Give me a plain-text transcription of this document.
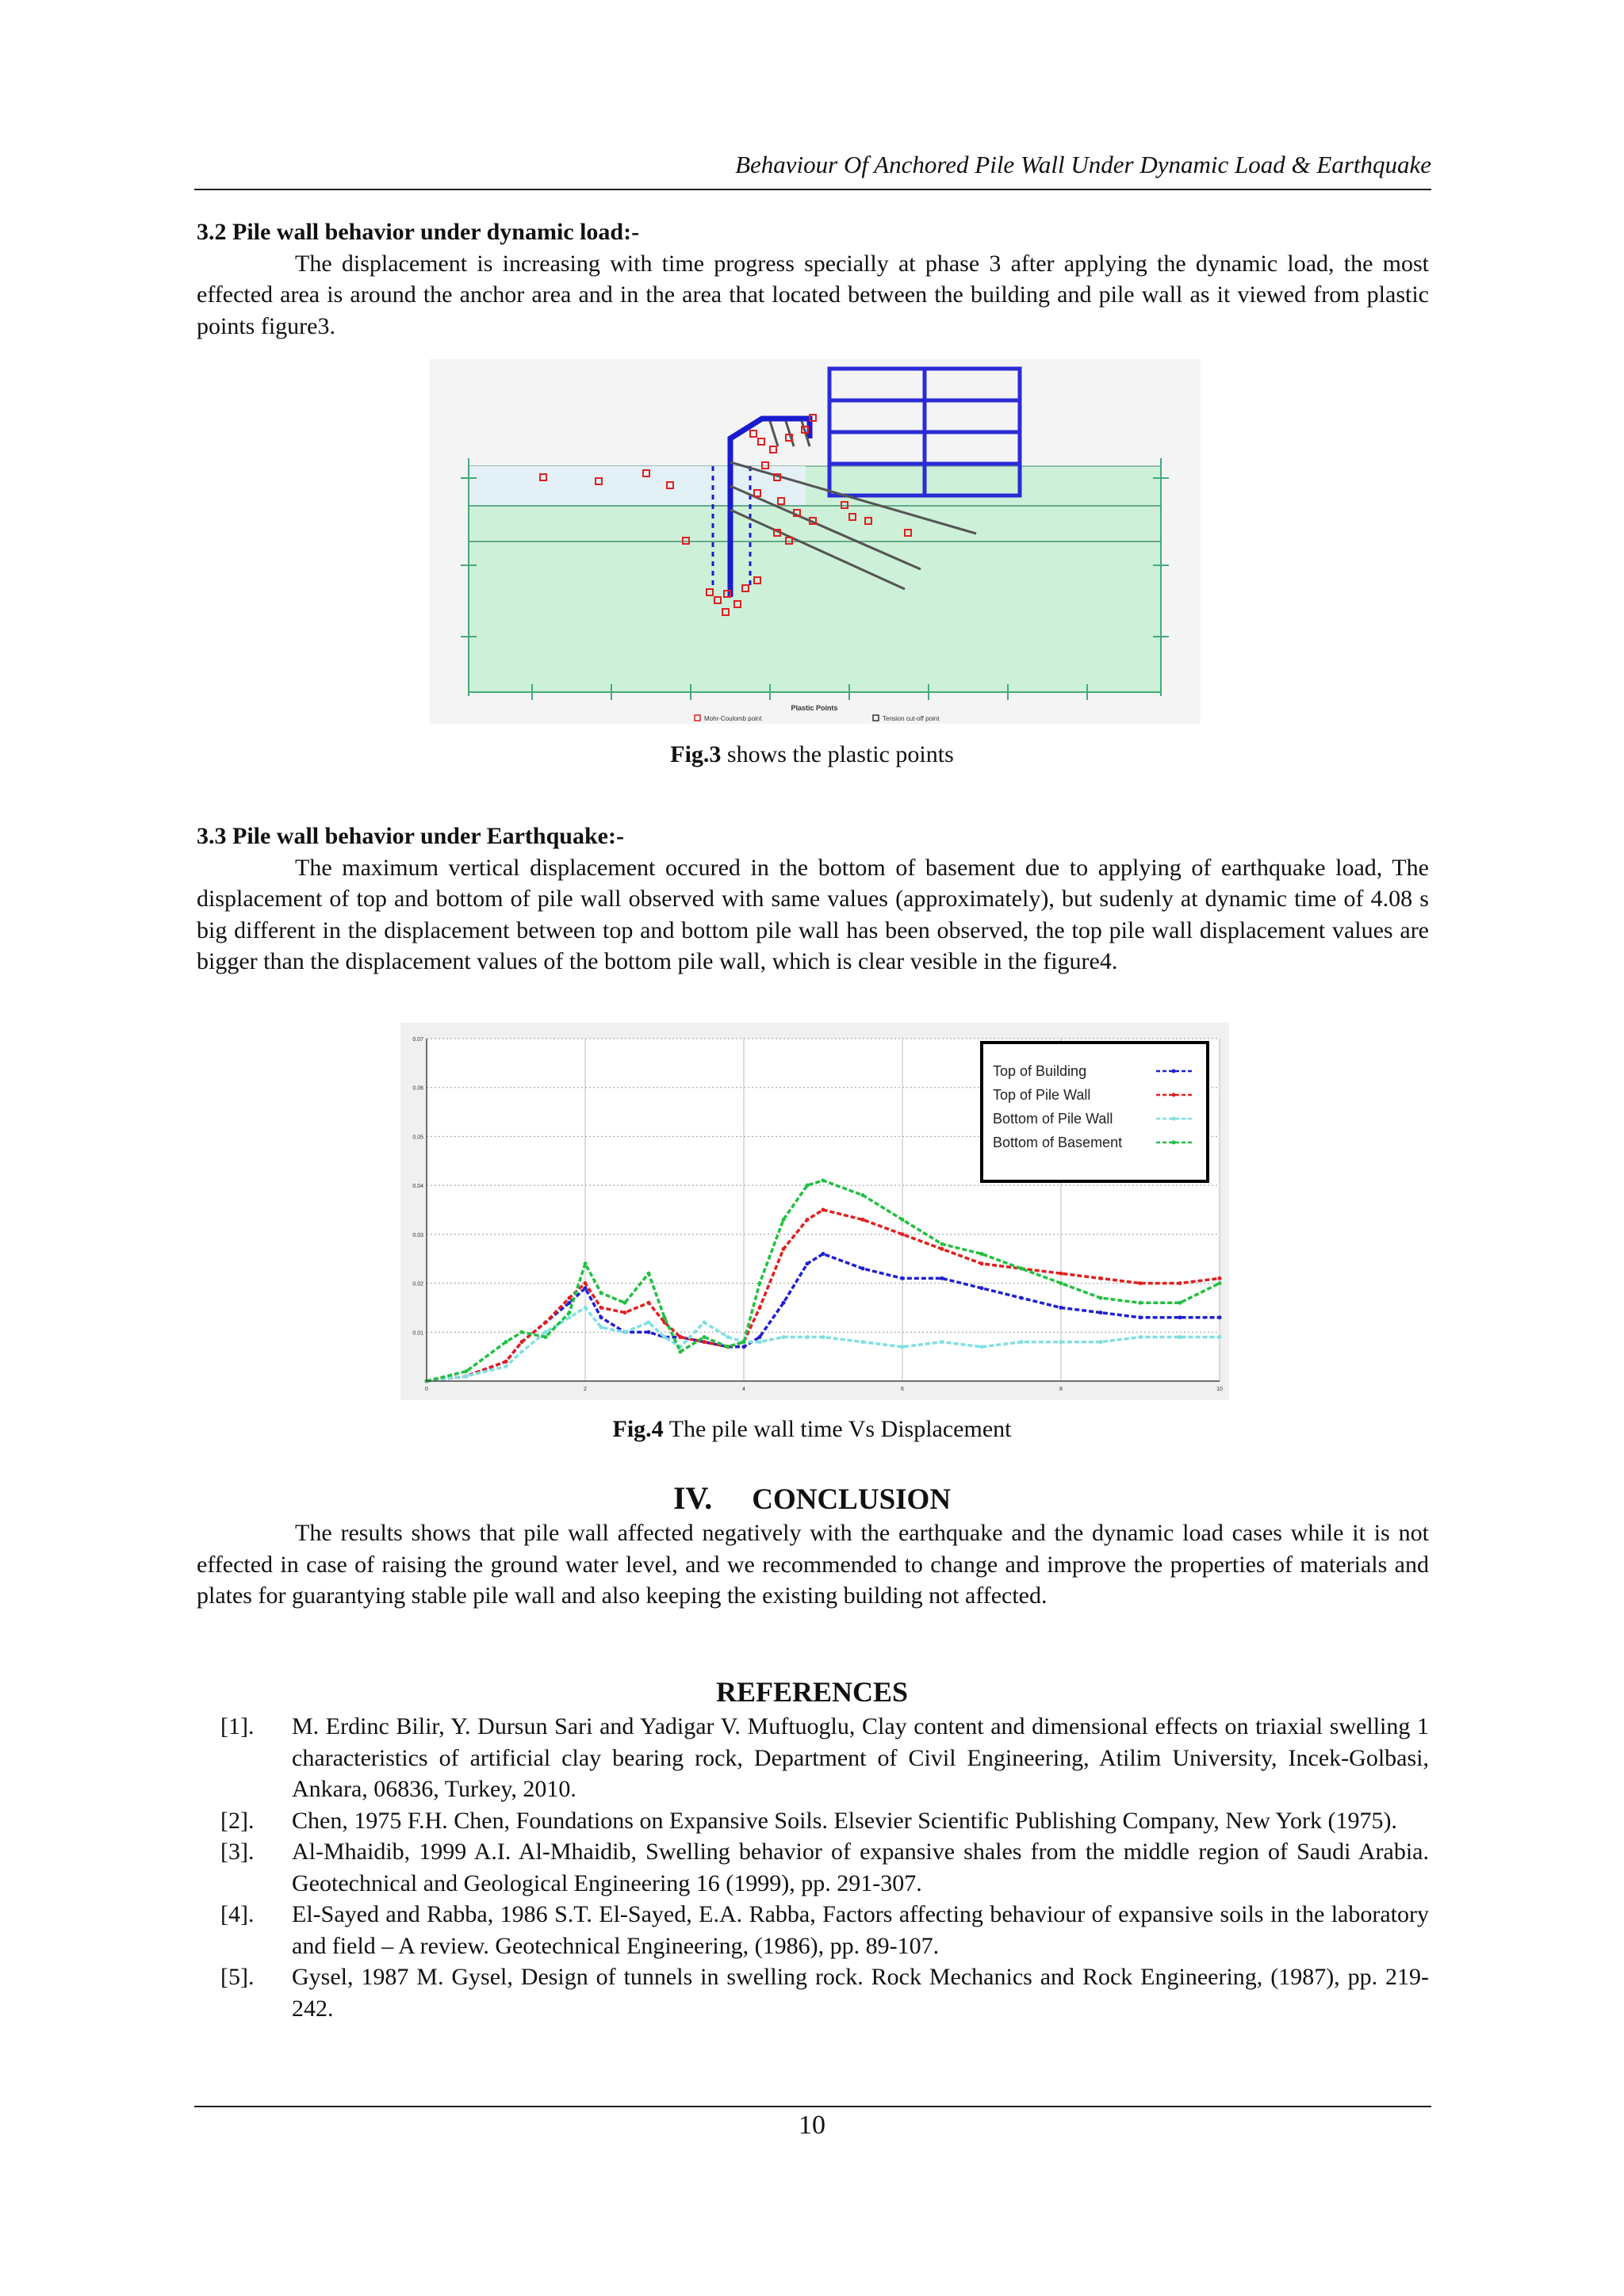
Behaviour Of Anchored Pile Wall Under Dynamic Load & Earthquake
3.2 Pile wall behavior under dynamic load:-
The displacement is increasing with time progress specially at phase 3 after applying the dynamic load, the most effected area is around the anchor area and in the area that located between the building and pile wall as it viewed from plastic points figure3.
Plastic Points
Mohr-Coulomb point	Tension cut-off point
Fig.3 shows the plastic points
3.3 Pile wall behavior under Earthquake:-
The maximum vertical displacement occured in the bottom of basement due to applying of earthquake load, The displacement of top and bottom of pile wall observed with same values (approximately), but sudenly at dynamic time of 4.08 s big different in the displacement between top and bottom pile wall has been observed, the top pile wall displacement values are bigger than the displacement values of the bottom pile wall, which is clear vesible in the figure4.
0.01
0.02
0.03
0.04
0.05
0.06
0.07
0	2	4	6	8	10
Top of Building
Top of Pile Wall
Bottom of Pile Wall
Bottom of Basement
Fig.4 The pile wall time Vs Displacement
IV. CONCLUSION
The results shows that pile wall affected negatively with the earthquake and the dynamic load cases while it is not effected in case of raising the ground water level, and we recommended to change and improve the properties of materials and plates for guarantying stable pile wall and also keeping the existing building not affected.
REFERENCES
[1].	M. Erdinc Bilir, Y. Dursun Sari and Yadigar V. Muftuoglu, Clay content and dimensional effects on triaxial swelling 1 characteristics of artificial clay bearing rock, Department of Civil Engineering, Atilim University, Incek-Golbasi, Ankara, 06836, Turkey, 2010.
[2].	Chen, 1975 F.H. Chen, Foundations on Expansive Soils. Elsevier Scientific Publishing Company, New York (1975).
[3].	Al-Mhaidib, 1999 A.I. Al-Mhaidib, Swelling behavior of expansive shales from the middle region of Saudi Arabia. Geotechnical and Geological Engineering 16 (1999), pp. 291-307.
[4].	El-Sayed and Rabba, 1986 S.T. El-Sayed, E.A. Rabba, Factors affecting behaviour of expansive soils in the laboratory and field – A review. Geotechnical Engineering, (1986), pp. 89-107.
[5].	Gysel, 1987 M. Gysel, Design of tunnels in swelling rock. Rock Mechanics and Rock Engineering, (1987), pp. 219-242.
10
